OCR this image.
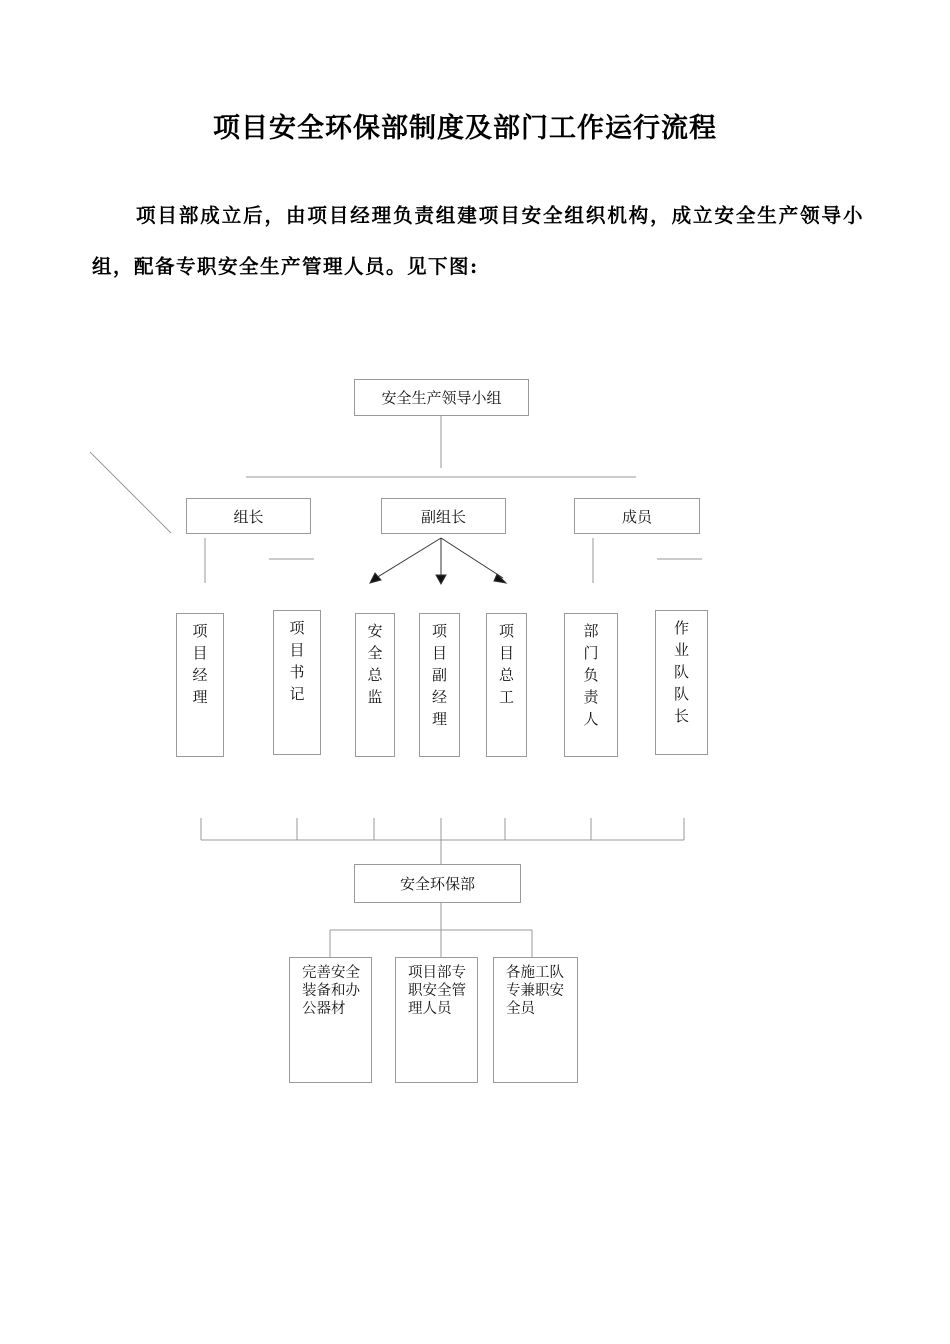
项目安全环保部制度及部门工作运行流程
项目部成立后，由项目经理负责组建项目安全组织机构，成立安全生产领导小组，配备专职安全生产管理人员。见下图:
安全生产领导小组
组长	副组长	成员
项目经理
项目书记
安全总监
项目副经理
项目总工
部门负责人
作业队队长
安全环保部
完善安全装备和办公器材
项目部专职安全管理人员
各施工队专兼职安全员
